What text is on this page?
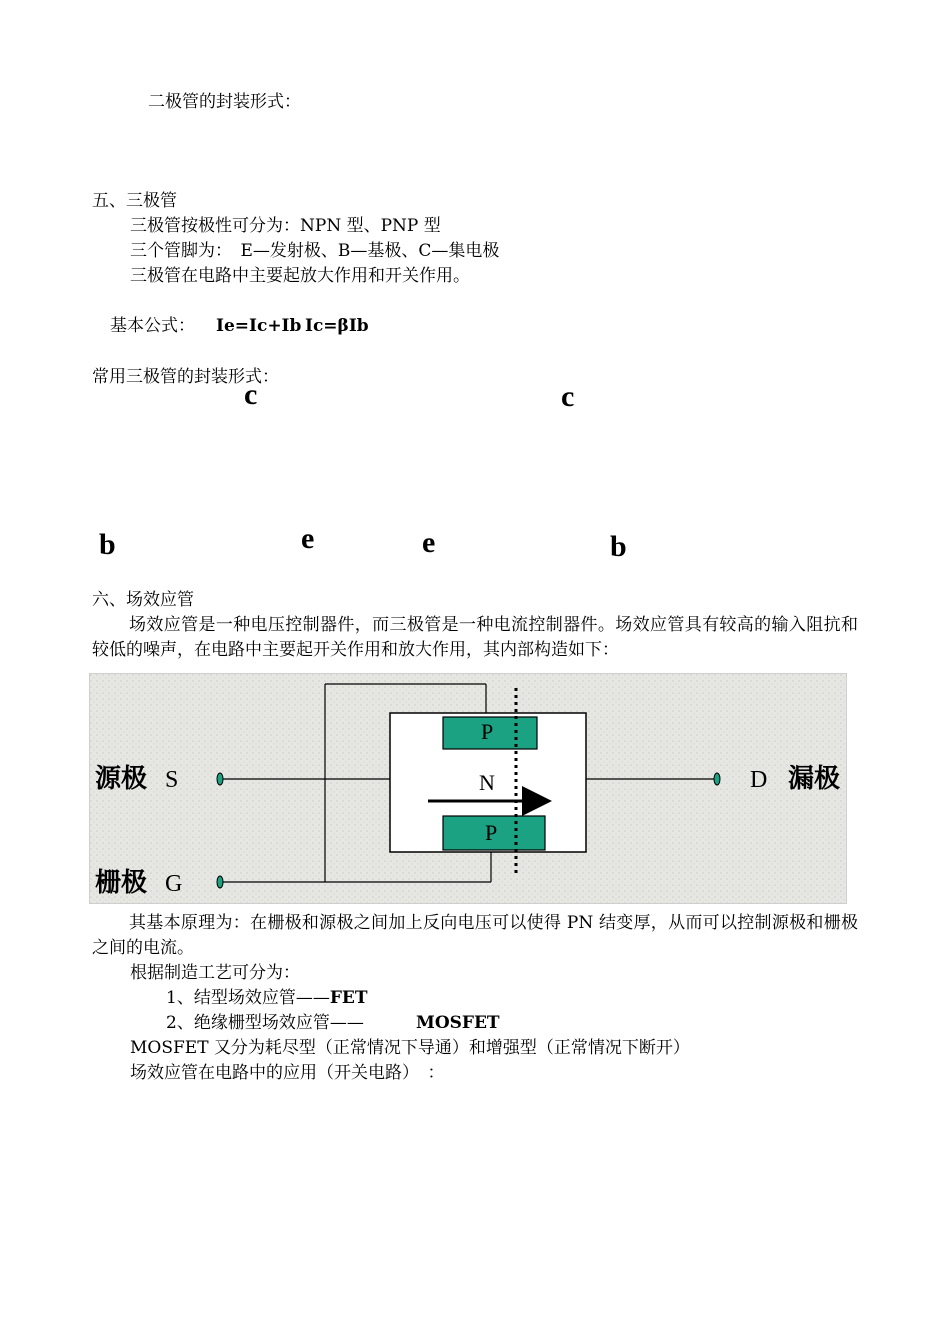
二极管的封装形式：
五、三极管
三极管按极性可分为：NPN 型、PNP 型
三个管脚为：　E—发射极、B—基极、C—集电极
三极管在电路中主要起放大作用和开关作用。
基本公式： Ie=Ic+Ib Ic=βIb
常用三极管的封装形式：
c	c
b	e	e	b
六、场效应管
场效应管是一种电压控制器件，而三极管是一种电流控制器件。场效应管具有较高的输入阻抗和较低的噪声，在电路中主要起开关作用和放大作用，其内部构造如下：
源极 S
栅极 G
D 漏极
P
N
P
其基本原理为：在栅极和源极之间加上反向电压可以使得 PN 结变厚，从而可以控制源极和栅极之间的电流。
根据制造工艺可分为：
1、结型场效应管——FET
2、绝缘栅型场效应管——	MOSFET
MOSFET 又分为耗尽型（正常情况下导通）和增强型（正常情况下断开）
场效应管在电路中的应用（开关电路）　：
